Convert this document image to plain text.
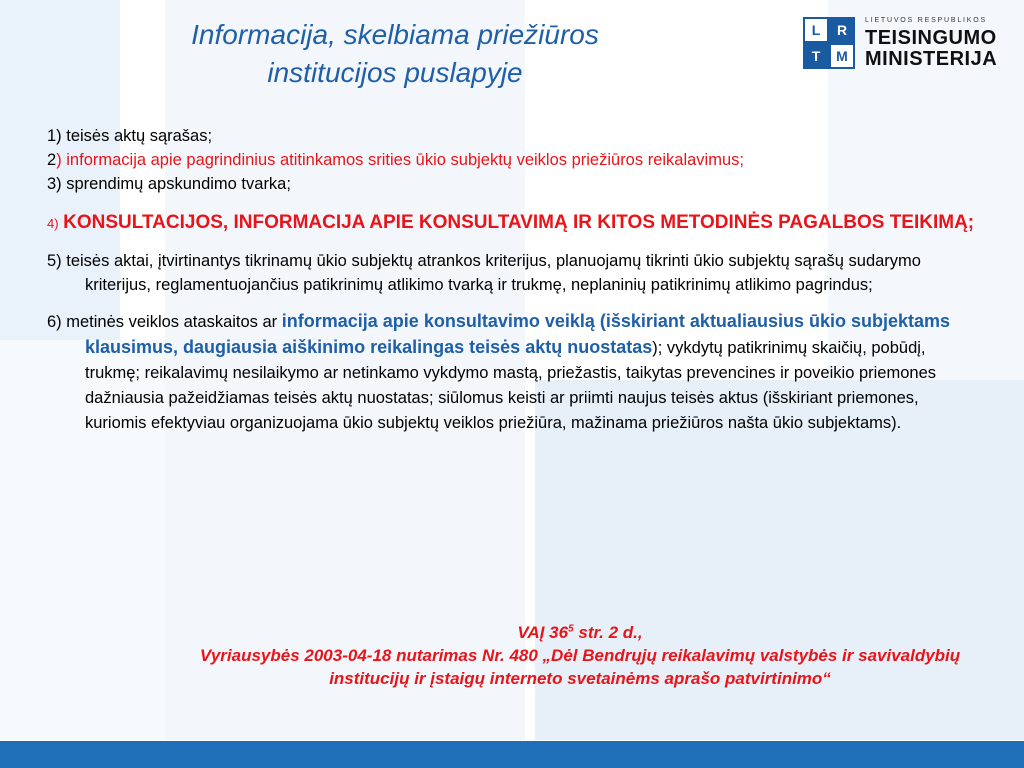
Informacija, skelbiama priežiūros
institucijos puslapyje
L	R
T	M
LIETUVOS RESPUBLIKOS
TEISINGUMO
MINISTERIJA
1) teisės aktų sąrašas;
2) informacija apie pagrindinius atitinkamos srities ūkio subjektų veiklos priežiūros reikalavimus;
3) sprendimų apskundimo tvarka;
4) KONSULTACIJOS, INFORMACIJA APIE KONSULTAVIMĄ IR KITOS METODINĖS PAGALBOS TEIKIMĄ;
5) teisės aktai, įtvirtinantys tikrinamų ūkio subjektų atrankos kriterijus, planuojamų tikrinti ūkio subjektų sąrašų sudarymo kriterijus, reglamentuojančius patikrinimų atlikimo tvarką ir trukmę, neplaninių patikrinimų atlikimo pagrindus;
6) metinės veiklos ataskaitos ar informacija apie konsultavimo veiklą (išskiriant aktualiausius ūkio subjektams klausimus, daugiausia aiškinimo reikalingas teisės aktų nuostatas); vykdytų patikrinimų skaičių, pobūdį, trukmę; reikalavimų nesilaikymo ar netinkamo vykdymo mastą, priežastis, taikytas prevencines ir poveikio priemones dažniausia pažeidžiamas teisės aktų nuostatas; siūlomus keisti ar priimti naujus teisės aktus (išskiriant priemones, kuriomis efektyviau organizuojama ūkio subjektų veiklos priežiūra, mažinama priežiūros našta ūkio subjektams).
VAĮ $36^5$ str. 2 d.,
Vyriausybės 2003-04-18 nutarimas Nr. 480 „Dėl Bendrųjų reikalavimų valstybės ir savivaldybių institucijų ir įstaigų interneto svetainėms aprašo patvirtinimo“
